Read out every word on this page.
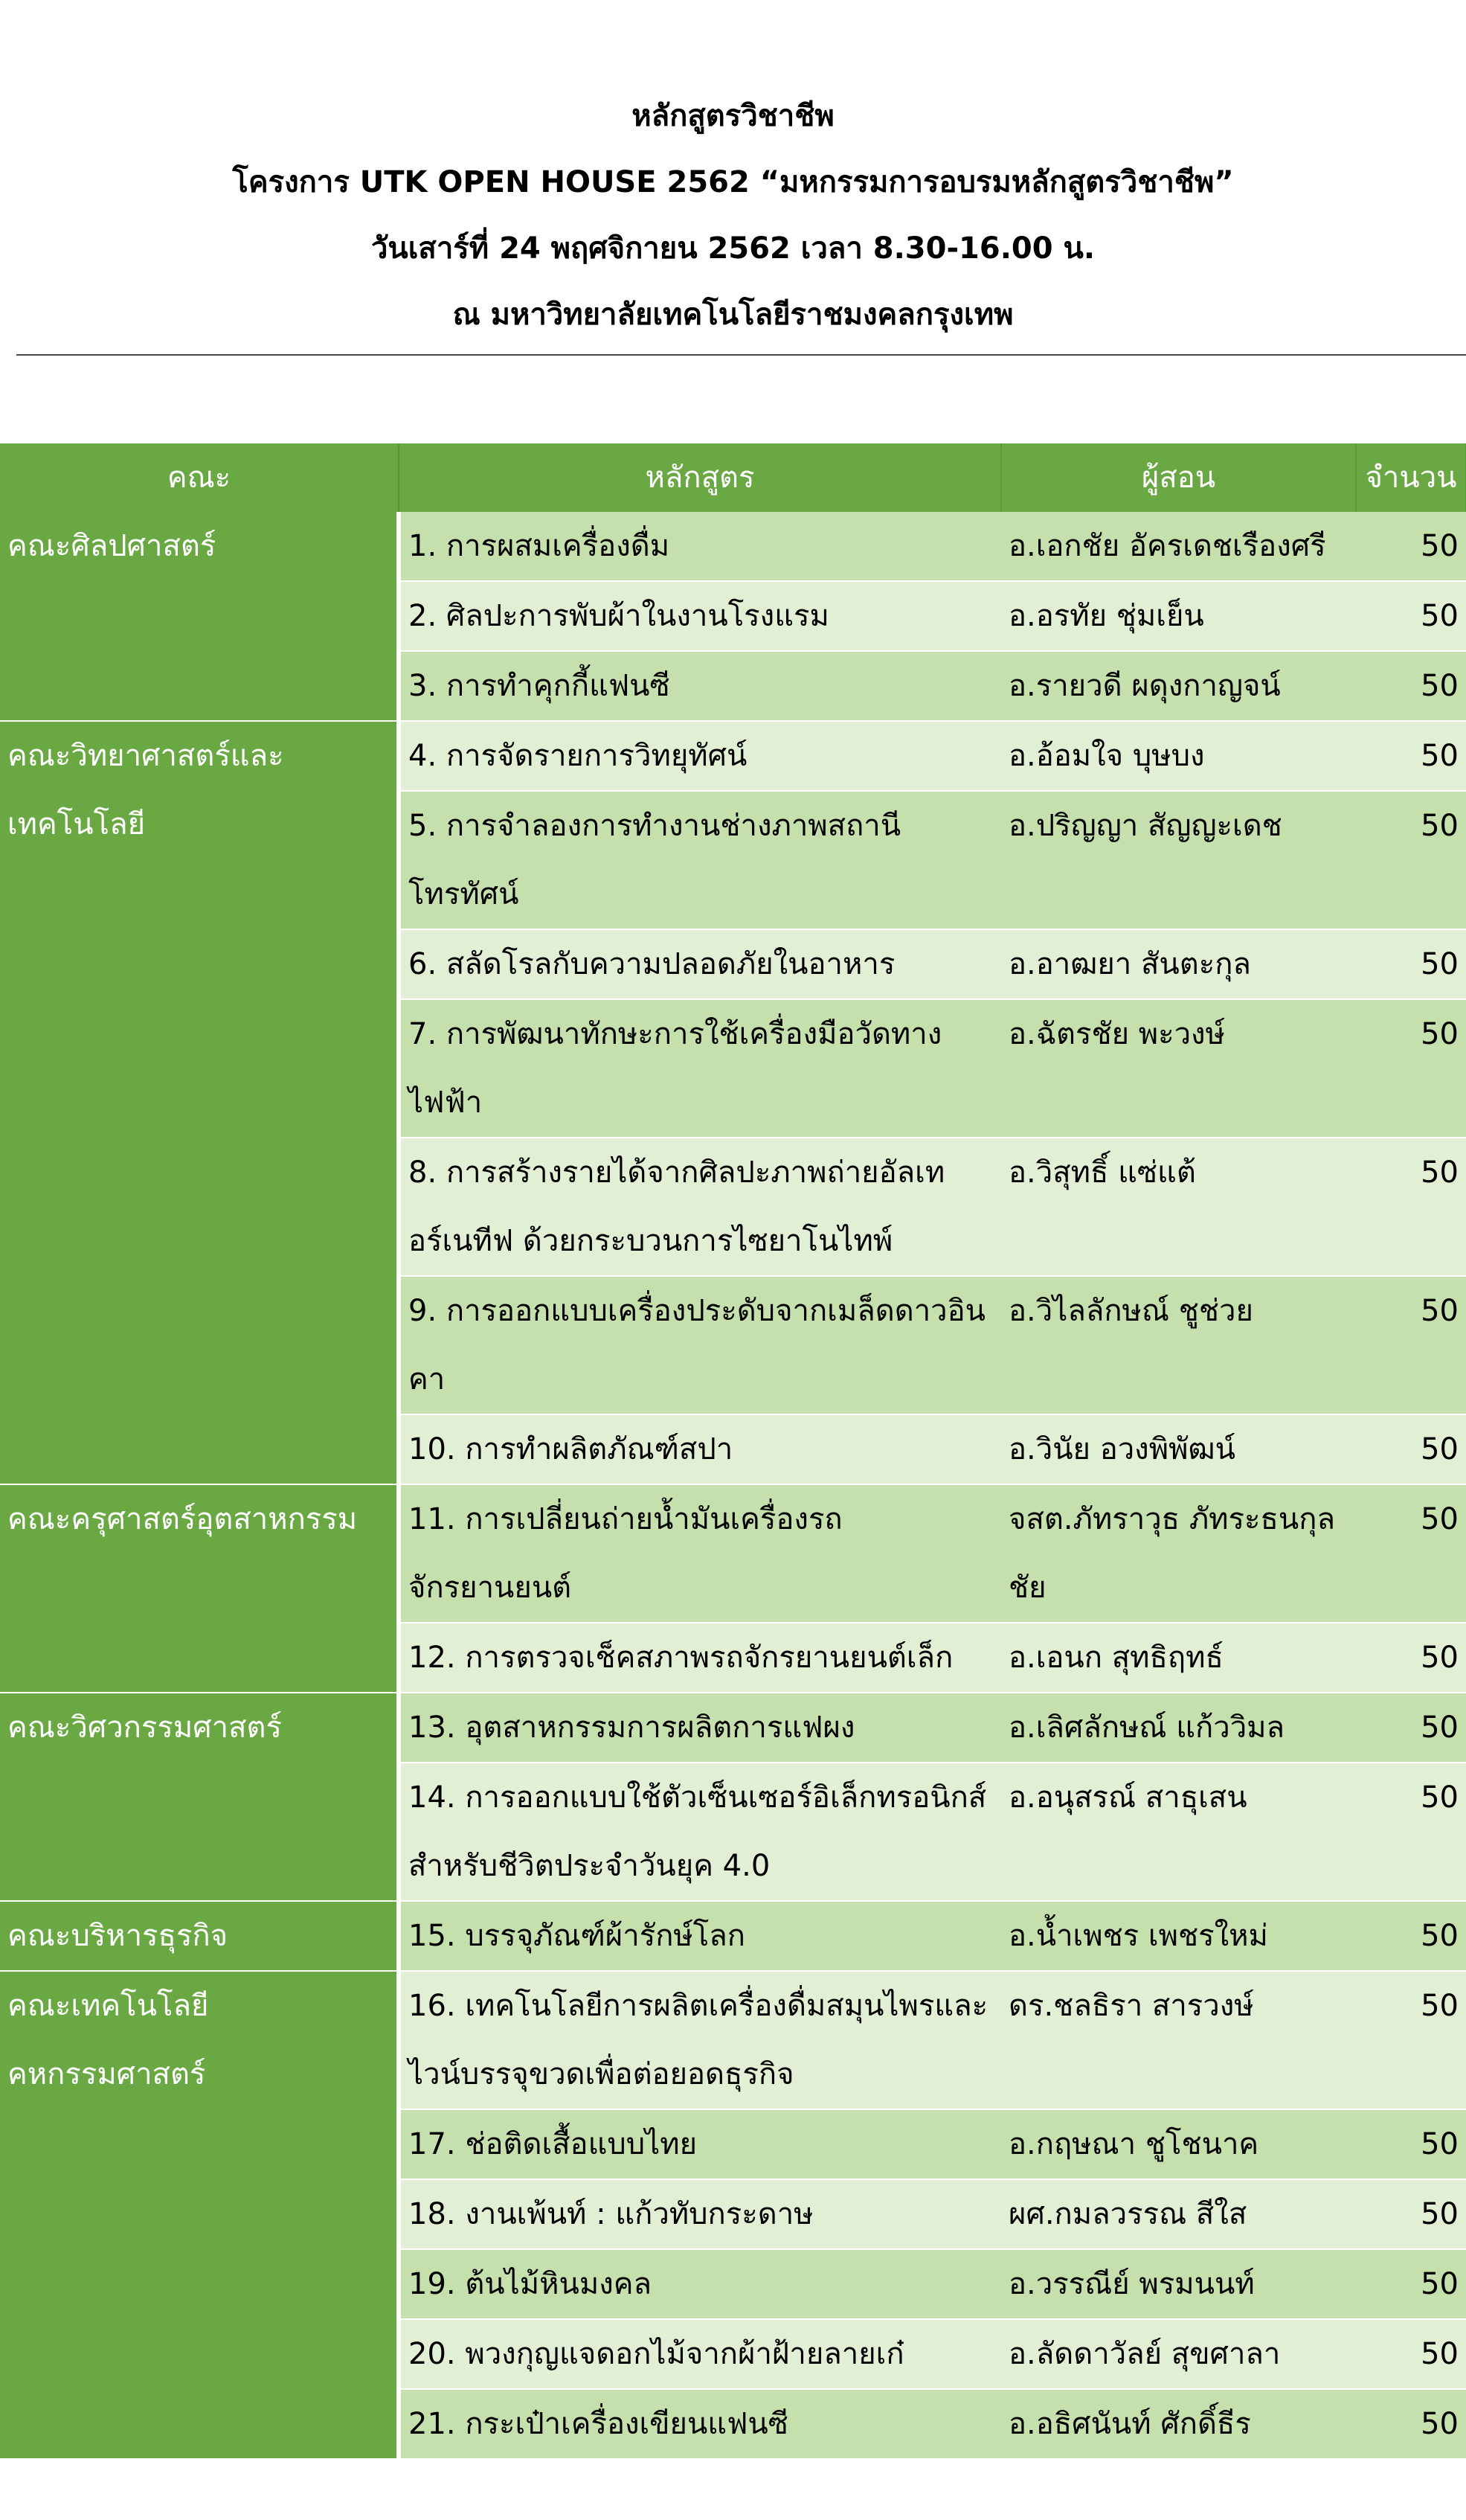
หลักสูตรวิชาชีพ
โครงการ UTK OPEN HOUSE 2562 “มหกรรมการอบรมหลักสูตรวิชาชีพ”
วันเสาร์ที่ 24 พฤศจิกายน 2562 เวลา 8.30-16.00 น.
ณ มหาวิทยาลัยเทคโนโลยีราชมงคลกรุงเทพ
คณะ	หลักสูตร	ผู้สอน	จำนวน
คณะศิลปศาสตร์	1. การผสมเครื่องดื่ม	อ.เอกชัย อัครเดชเรืองศรี	50
	2. ศิลปะการพับผ้าในงานโรงแรม	อ.อรทัย ชุ่มเย็น	50
	3. การทำคุกกี้แฟนซี	อ.รายวดี ผดุงกาญจน์	50
คณะวิทยาศาสตร์และเทคโนโลยี	4. การจัดรายการวิทยุทัศน์	อ.อ้อมใจ บุษบง	50
	5. การจำลองการทำงานช่างภาพสถานีโทรทัศน์	อ.ปริญญา สัญญะเดช	50
	6. สลัดโรลกับความปลอดภัยในอาหาร	อ.อาฒยา สันตะกุล	50
	7. การพัฒนาทักษะการใช้เครื่องมือวัดทางไฟฟ้า	อ.ฉัตรชัย พะวงษ์	50
	8. การสร้างรายได้จากศิลปะภาพถ่ายอัลเทอร์เนทีฟ ด้วยกระบวนการไซยาโนไทพ์	อ.วิสุทธิ์ แซ่แต้	50
	9. การออกแบบเครื่องประดับจากเมล็ดดาวอินคา	อ.วิไลลักษณ์ ชูช่วย	50
	10. การทำผลิตภัณฑ์สปา	อ.วินัย อวงพิพัฒน์	50
คณะครุศาสตร์อุตสาหกรรม	11. การเปลี่ยนถ่ายน้ำมันเครื่องรถจักรยานยนต์	จสต.ภัทราวุธ ภัทระธนกุลชัย	50
	12. การตรวจเช็คสภาพรถจักรยานยนต์เล็ก	อ.เอนก สุทธิฤทธ์	50
คณะวิศวกรรมศาสตร์	13. อุตสาหกรรมการผลิตการแฟผง	อ.เลิศลักษณ์ แก้ววิมล	50
	14. การออกแบบใช้ตัวเซ็นเซอร์อิเล็กทรอนิกส์สำหรับชีวิตประจำวันยุค 4.0	อ.อนุสรณ์ สาธุเสน	50
คณะบริหารธุรกิจ	15. บรรจุภัณฑ์ผ้ารักษ์โลก	อ.น้ำเพชร เพชรใหม่	50
คณะเทคโนโลยีคหกรรมศาสตร์	16. เทคโนโลยีการผลิตเครื่องดื่มสมุนไพรและไวน์บรรจุขวดเพื่อต่อยอดธุรกิจ	ดร.ชลธิรา สารวงษ์	50
	17. ช่อติดเสื้อแบบไทย	อ.กฤษณา ชูโชนาค	50
	18. งานเพ้นท์ : แก้วทับกระดาษ	ผศ.กมลวรรณ สีใส	50
	19. ต้นไม้หินมงคล	อ.วรรณีย์ พรมนนท์	50
	20. พวงกุญแจดอกไม้จากผ้าฝ้ายลายเก๋	อ.ลัดดาวัลย์ สุขศาลา	50
	21. กระเป๋าเครื่องเขียนแฟนซี	อ.อธิศนันท์ ศักดิ์ธีร	50
